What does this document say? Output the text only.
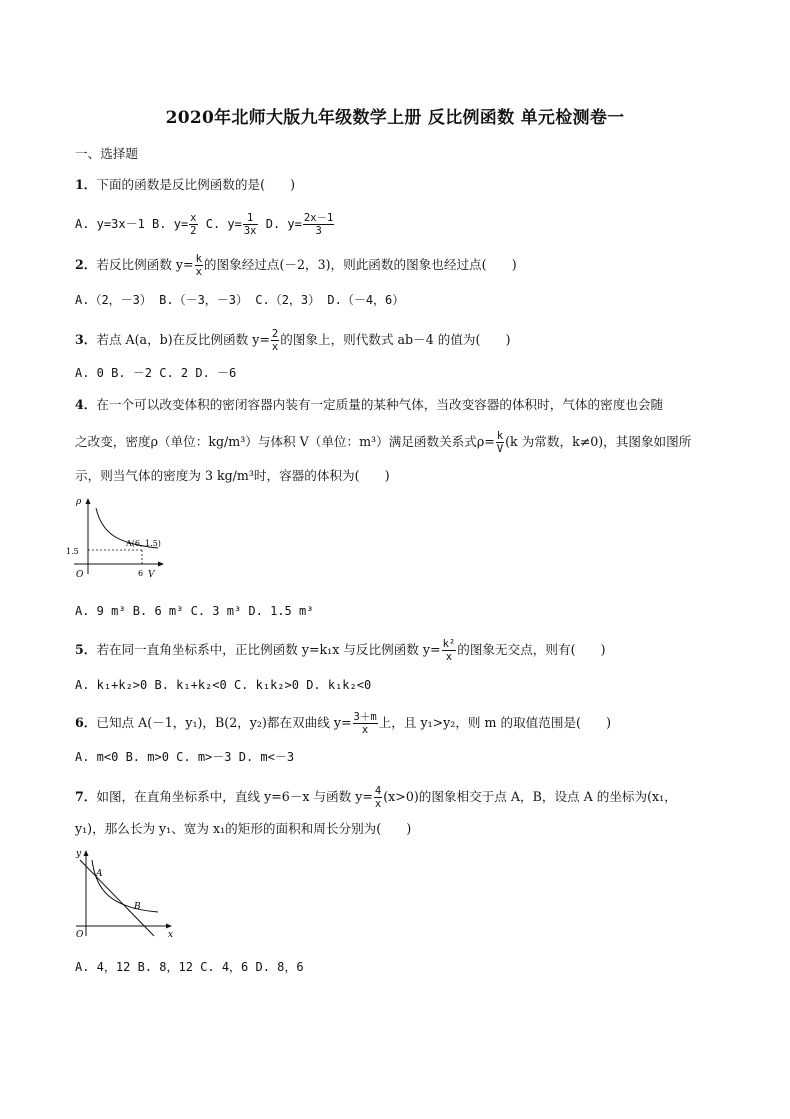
2020年北师大版九年级数学上册 反比例函数 单元检测卷一
一、选择题
1．下面的函数是反比例函数的是(　　)
A. y=3x－1 B. $y= \frac{x}{2} C$. $y= \frac{1}{3x} D$. $y= \frac{2x-1}{3}$
2．若反比例函数 $y= \frac{k}{x}$ 的图象经过点(－2，3)，则此函数的图象也经过点(　　)
A.（2，－3） B.（－3，－3） C.（2，3） D.（－4，6）
3．若点 A(a，b)在反比例函数 $y= \frac{2}{x}$ 的图象上，则代数式 ab－4 的值为(　　)
A. 0 B. －2 C. 2 D. －6
4．在一个可以改变体积的密闭容器内装有一定质量的某种气体，当改变容器的体积时，气体的密度也会随
之改变，密度ρ（单位：kg/m³）与体积 V（单位：m³）满足函数关系式$\rho= \frac{k}{V} (k$ 为常数，k≠0)，其图象如图所
示，则当气体的密度为 3 kg/m³时，容器的体积为(　　)
ρ
V
O
1.5
6
A(6, 1.5)
A. 9 m³ B. 6 m³ C. 3 m³ D. 1.5 m³
5．若在同一直角坐标系中，正比例函数 y=k₁x 与反比例函数 $y= \frac{\text{k²}}{x}$ 的图象无交点，则有(　　)
A. k₁+k₂>0 B. k₁+k₂<0 C. k₁k₂>0 D. k₁k₂<0
6．已知点 A(－1，y₁)，B(2，y₂)都在双曲线 $y= \frac{3+m}{x}$ 上，且 y₁>y₂，则 m 的取值范围是(　　)
A. m<0 B. m>0 C. m>－3 D. m<－3
7．如图，在直角坐标系中，直线 y=6－x 与函数 $y= \frac{4}{x} (x>0)$的图象相交于点 A，B，设点 A 的坐标为(x₁，
y₁)，那么长为 y₁、宽为 x₁的矩形的面积和周长分别为(　　)
y
x
O
A
B
A. 4，12 B. 8，12 C. 4，6 D. 8，6
